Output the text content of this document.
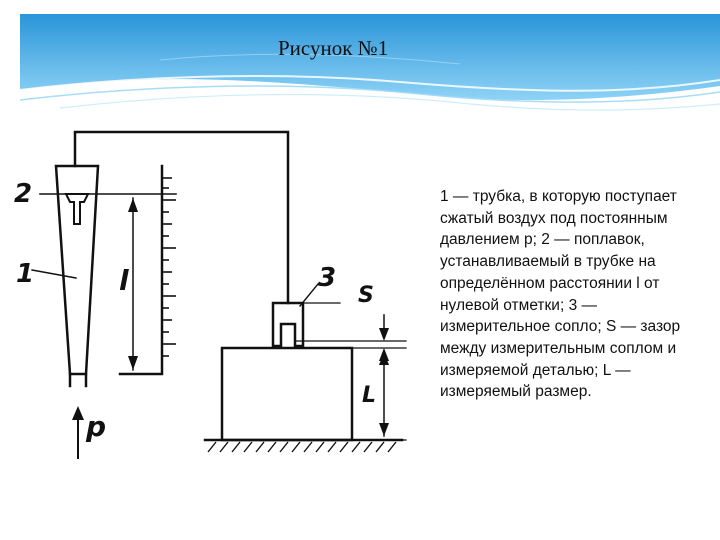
Рисунок №1
2
1	3
l
p
S
L
1 — трубка, в которую поступает сжатый воздух под постоянным давлением p; 2 — поплавок, устанавливаемый в трубке на определённом расстоянии l от нулевой отметки; 3 — измерительное сопло; S — зазор между измерительным соплом и измеряемой деталью; L — измеряемый размер.
